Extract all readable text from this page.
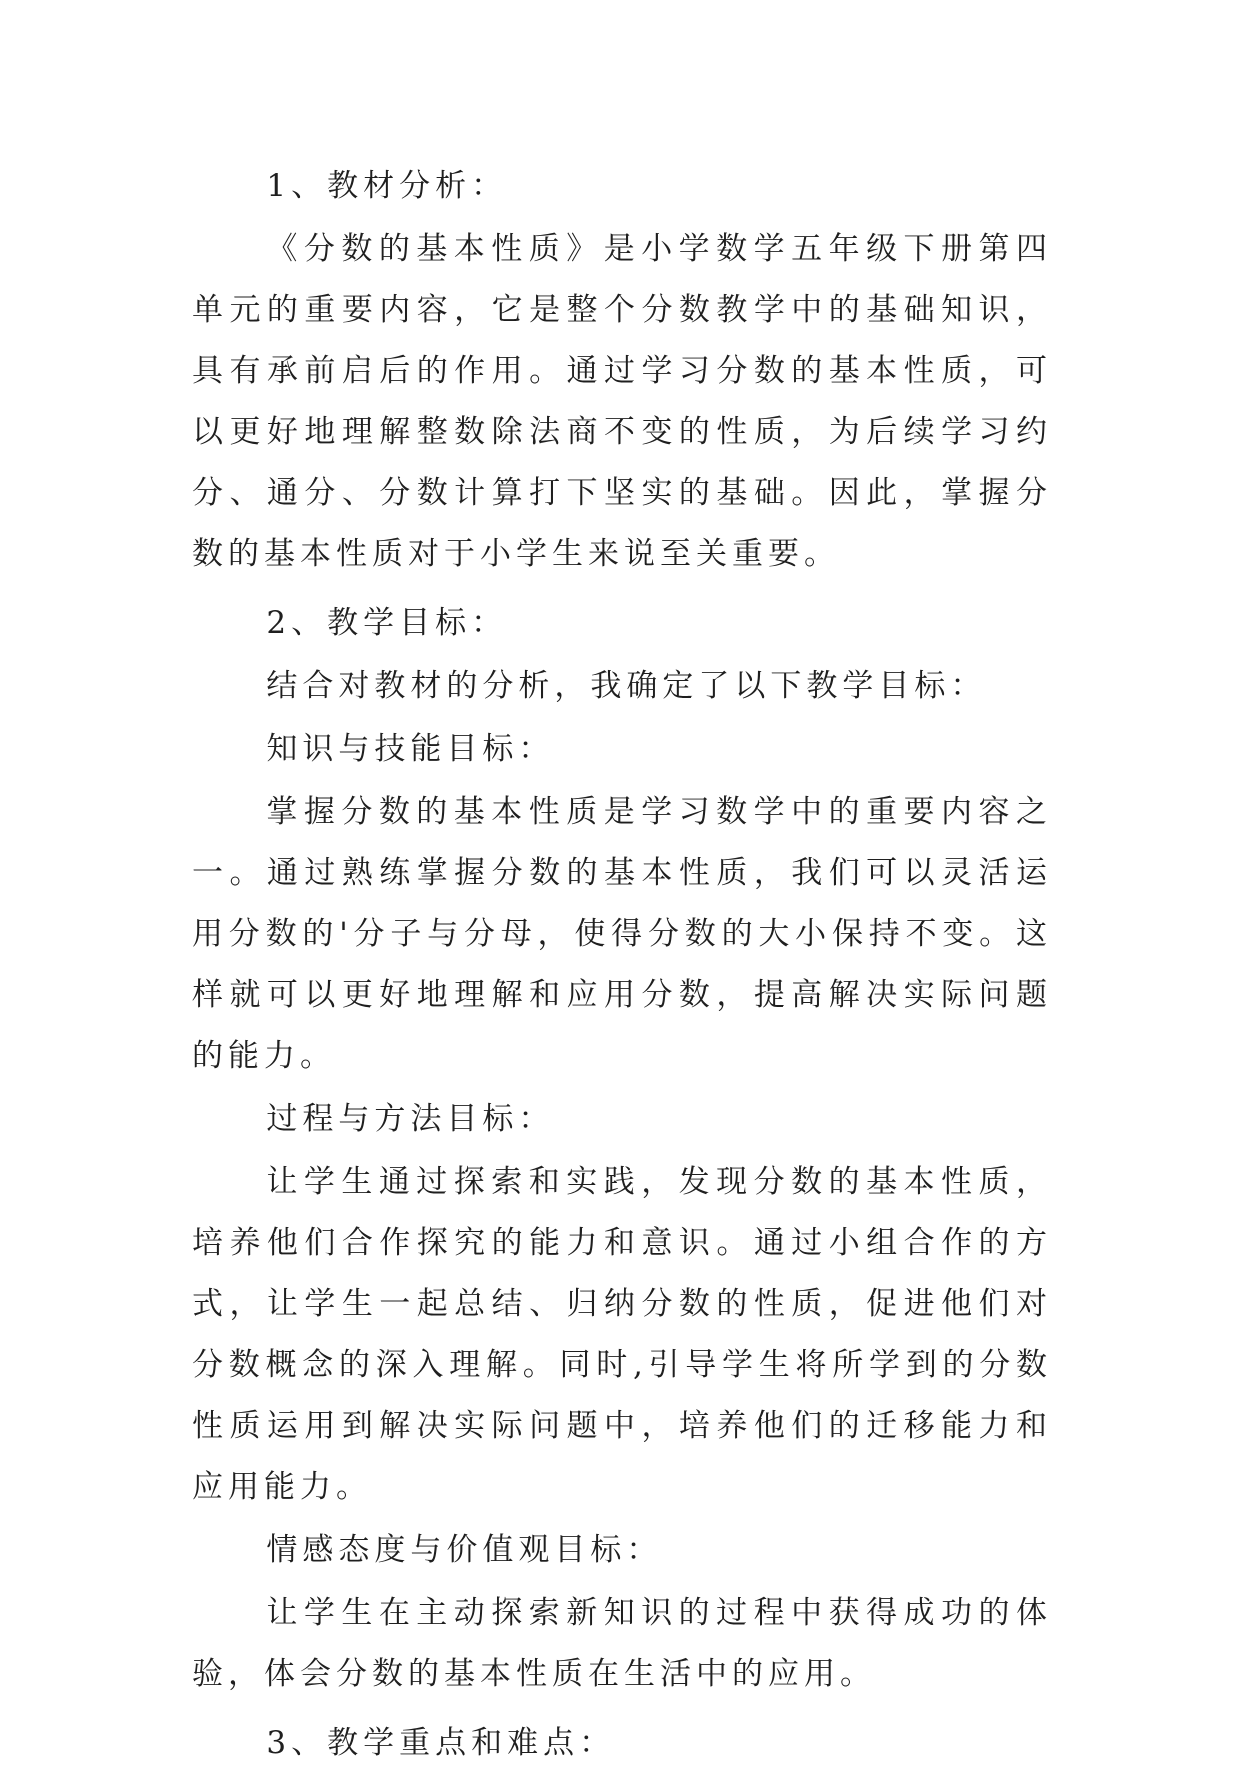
1、教材分析：

《分数的基本性质》是小学数学五年级下册第四单元的重要内容，它是整个分数教学中的基础知识，具有承前启后的作用。通过学习分数的基本性质，可以更好地理解整数除法商不变的性质，为后续学习约分、通分、分数计算打下坚实的基础。因此，掌握分数的基本性质对于小学生来说至关重要。

2、教学目标：

结合对教材的分析，我确定了以下教学目标：

知识与技能目标：

掌握分数的基本性质是学习数学中的重要内容之一。通过熟练掌握分数的基本性质，我们可以灵活运用分数的'分子与分母，使得分数的大小保持不变。这样就可以更好地理解和应用分数，提高解决实际问题的能力。

过程与方法目标：

让学生通过探索和实践，发现分数的基本性质，培养他们合作探究的能力和意识。通过小组合作的方式，让学生一起总结、归纳分数的性质，促进他们对分数概念的深入理解。同时,引导学生将所学到的分数性质运用到解决实际问题中，培养他们的迁移能力和应用能力。

情感态度与价值观目标：

让学生在主动探索新知识的过程中获得成功的体验，体会分数的基本性质在生活中的应用。

3、教学重点和难点：
